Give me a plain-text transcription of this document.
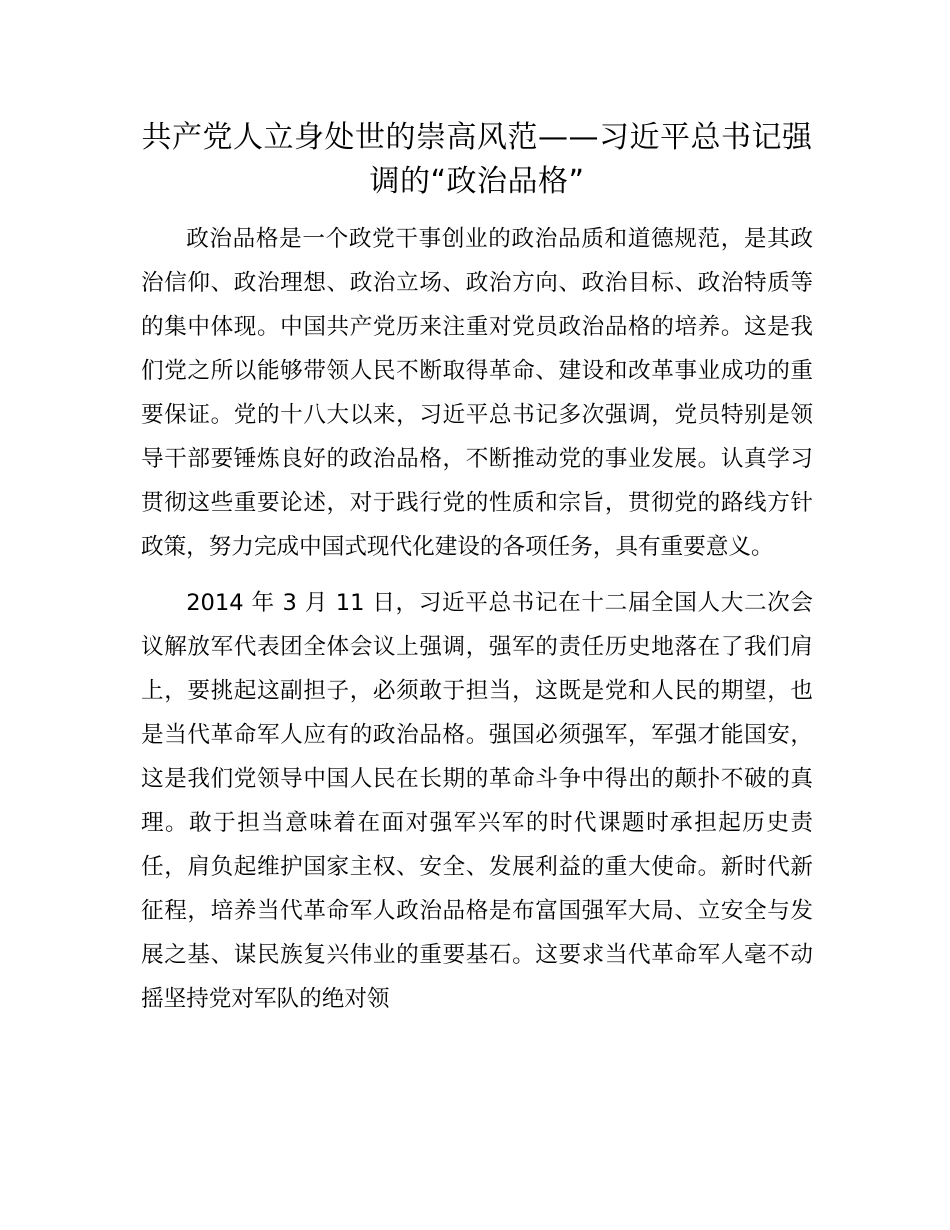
共产党人立身处世的崇高风范——习近平总书记强调的“政治品格”

政治品格是一个政党干事创业的政治品质和道德规范，是其政治信仰、政治理想、政治立场、政治方向、政治目标、政治特质等的集中体现。中国共产党历来注重对党员政治品格的培养。这是我们党之所以能够带领人民不断取得革命、建设和改革事业成功的重要保证。党的十八大以来，习近平总书记多次强调，党员特别是领导干部要锤炼良好的政治品格，不断推动党的事业发展。认真学习贯彻这些重要论述，对于践行党的性质和宗旨，贯彻党的路线方针政策，努力完成中国式现代化建设的各项任务，具有重要意义。

2014 年 3 月 11 日，习近平总书记在十二届全国人大二次会议解放军代表团全体会议上强调，强军的责任历史地落在了我们肩上，要挑起这副担子，必须敢于担当，这既是党和人民的期望，也是当代革命军人应有的政治品格。强国必须强军，军强才能国安，这是我们党领导中国人民在长期的革命斗争中得出的颠扑不破的真理。敢于担当意味着在面对强军兴军的时代课题时承担起历史责任，肩负起维护国家主权、安全、发展利益的重大使命。新时代新征程，培养当代革命军人政治品格是布富国强军大局、立安全与发展之基、谋民族复兴伟业的重要基石。这要求当代革命军人毫不动摇坚持党对军队的绝对领
